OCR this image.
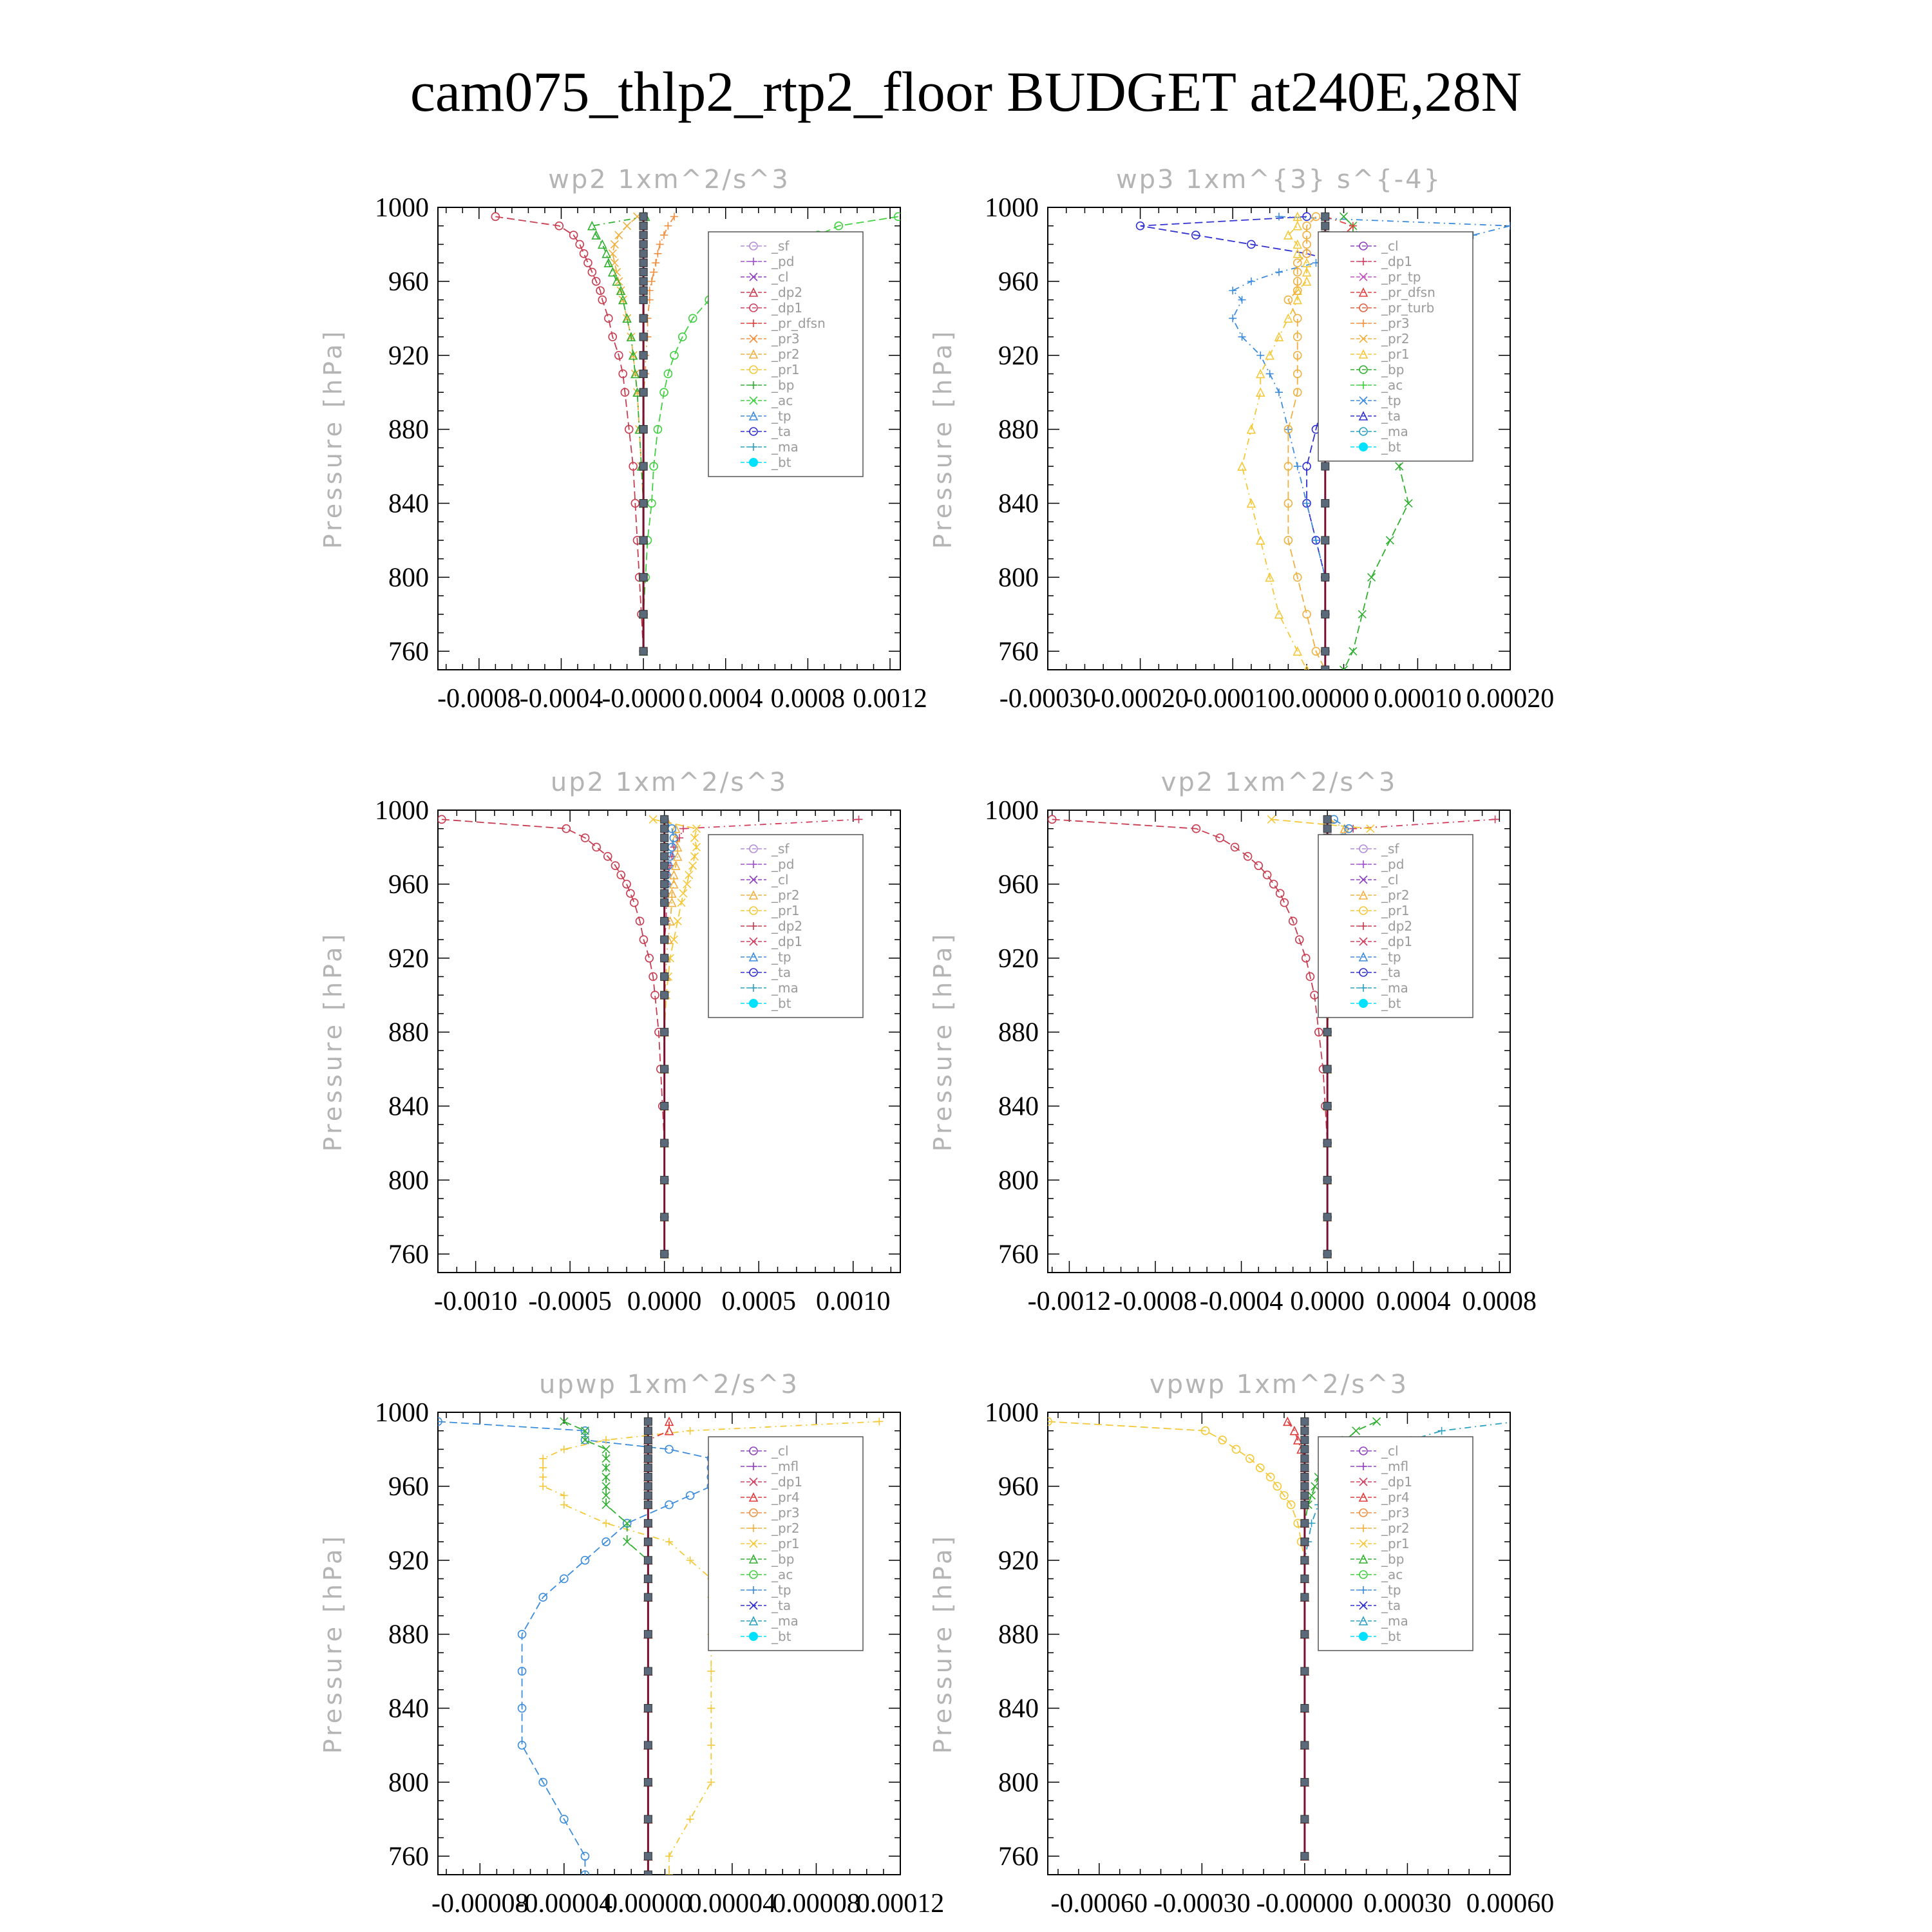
cam075_thlp2_rtp2_floor BUDGET at240E,28N
wp2 1xm^2/s^3
Pressure [hPa]
760
800
840
880
920
960
1000
-0.0008
-0.0004
-0.0000 0.0004 0.0008 0.0012
_sf
_pd
_cl
_dp2
_dp1
_pr_dfsn
_pr3
_pr2
_pr1
_bp
_ac
_tp
_ta
_ma
_bt
wp3 1xm^{3} s^{-4}
Pressure [hPa]
760
800
840
880
920
960
1000
-0.00030
-0.00020
-0.00010 0.00000 0.00010 0.00020
_cl
_dp1
_pr_tp
_pr_dfsn
_pr_turb
_pr3
_pr2
_pr1
_bp
_ac
_tp
_ta
_ma
_bt
up2 1xm^2/s^3
Pressure [hPa]
760
800
840
880
920
960
1000
-0.0010 -0.0005 0.0000 0.0005 0.0010
_sf
_pd
_cl
_pr2
_pr1
_dp2
_dp1
_tp
_ta
_ma
_bt
vp2 1xm^2/s^3
Pressure [hPa]
760
800
840
880
920
960
1000
-0.0012 -0.0008 -0.0004 0.0000 0.0004 0.0008
_sf
_pd
_cl
_pr2
_pr1
_dp2
_dp1
_tp
_ta
_ma
_bt
upwp 1xm^2/s^3
Pressure [hPa]
760
800
840
880
920
960
1000
-0.00008
-0.00004
0.00000
0.00004
0.00008
0.00012
_cl
_mfl
_dp1
_pr4
_pr3
_pr2
_pr1
_bp
_ac
_tp
_ta
_ma
_bt
vpwp 1xm^2/s^3
Pressure [hPa]
760
800
840
880
920
960
1000
-0.00060 -0.00030 -0.00000 0.00030 0.00060
_cl
_mfl
_dp1
_pr4
_pr3
_pr2
_pr1
_bp
_ac
_tp
_ta
_ma
_bt
